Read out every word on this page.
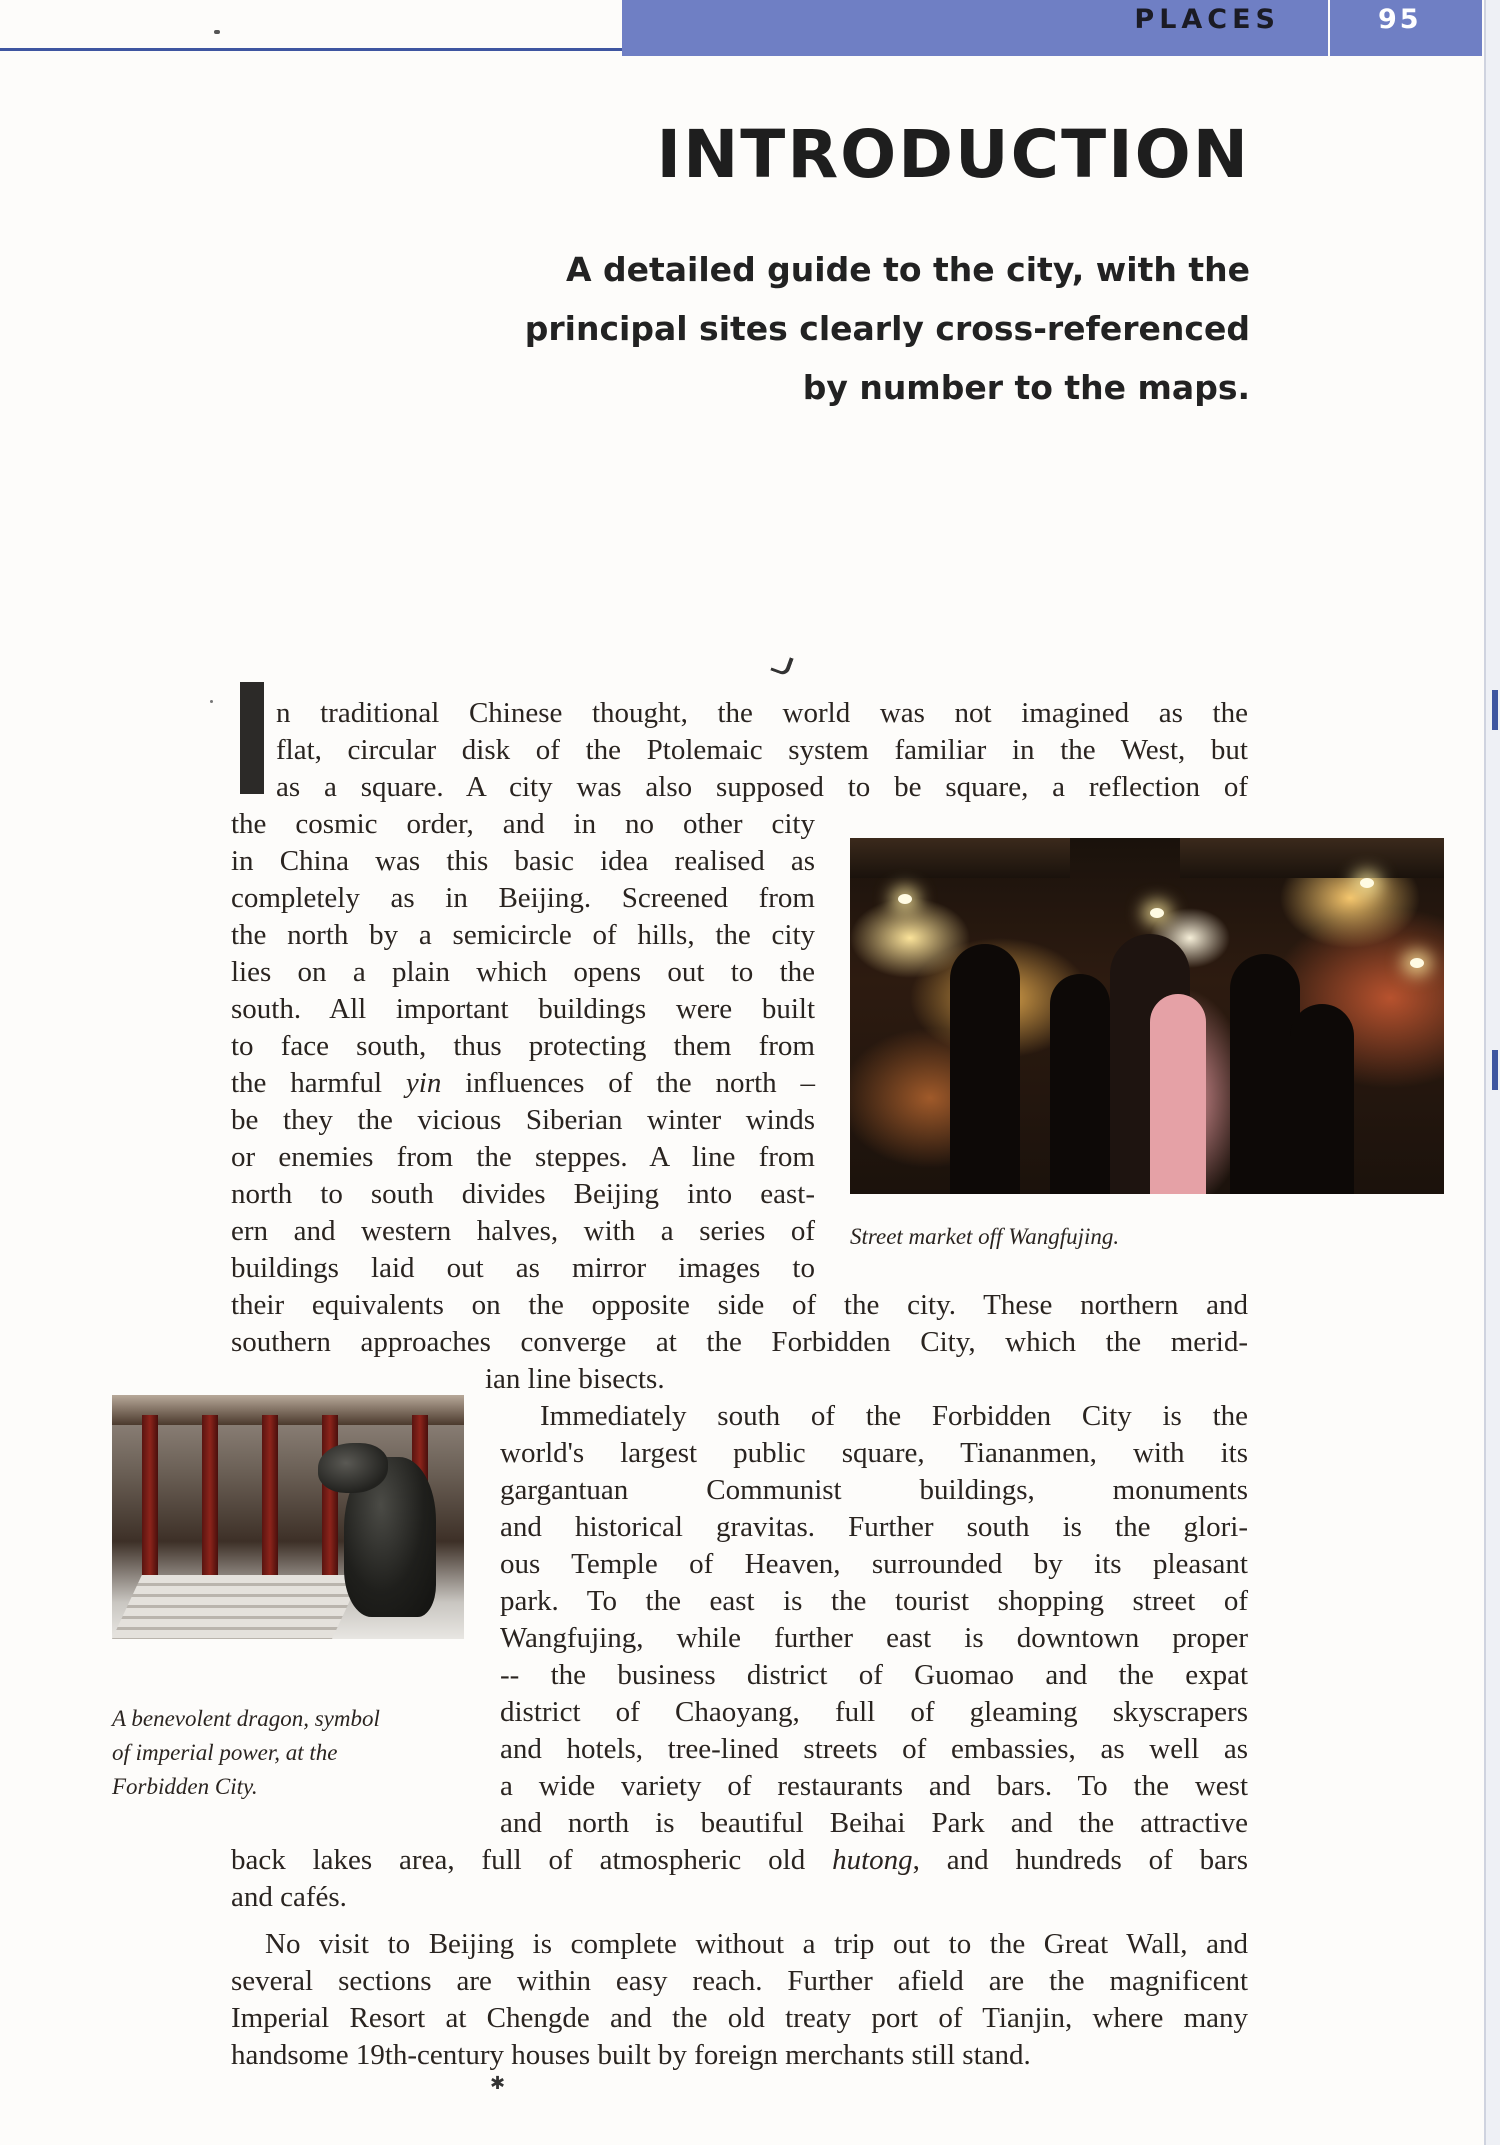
PLACES	95
INTRODUCTION
A detailed guide to the city, with the
principal sites clearly cross-referenced
by number to the maps.
n traditional Chinese thought, the world was not imagined as the
flat, circular disk of the Ptolemaic system familiar in the West, but
as a square. A city was also supposed to be square, a reflection of
the cosmic order, and in no other city
in China was this basic idea realised as
completely as in Beijing. Screened from
the north by a semicircle of hills, the city
lies on a plain which opens out to the
south. All important buildings were built
to face south, thus protecting them from
the harmful yin influences of the north –
be they the vicious Siberian winter winds
or enemies from the steppes. A line from
north to south divides Beijing into east-
ern and western halves, with a series of
buildings laid out as mirror images to
their equivalents on the opposite side of the city. These northern and
southern approaches converge at the Forbidden City, which the merid-
ian line bisects.
Street market off Wangfujing.
A benevolent dragon, symbol
of imperial power, at the
Forbidden City.
Immediately south of the Forbidden City is the
world's largest public square, Tiananmen, with its
gargantuan Communist buildings, monuments
and historical gravitas. Further south is the glori-
ous Temple of Heaven, surrounded by its pleasant
park. To the east is the tourist shopping street of
Wangfujing, while further east is downtown proper
-- the business district of Guomao and the expat
district of Chaoyang, full of gleaming skyscrapers
and hotels, tree-lined streets of embassies, as well as
a wide variety of restaurants and bars. To the west
and north is beautiful Beihai Park and the attractive
back lakes area, full of atmospheric old hutong, and hundreds of bars
and cafés.
No visit to Beijing is complete without a trip out to the Great Wall, and
several sections are within easy reach. Further afield are the magnificent
Imperial Resort at Chengde and the old treaty port of Tianjin, where many
handsome 19th-century houses built by foreign merchants still stand.
✱
